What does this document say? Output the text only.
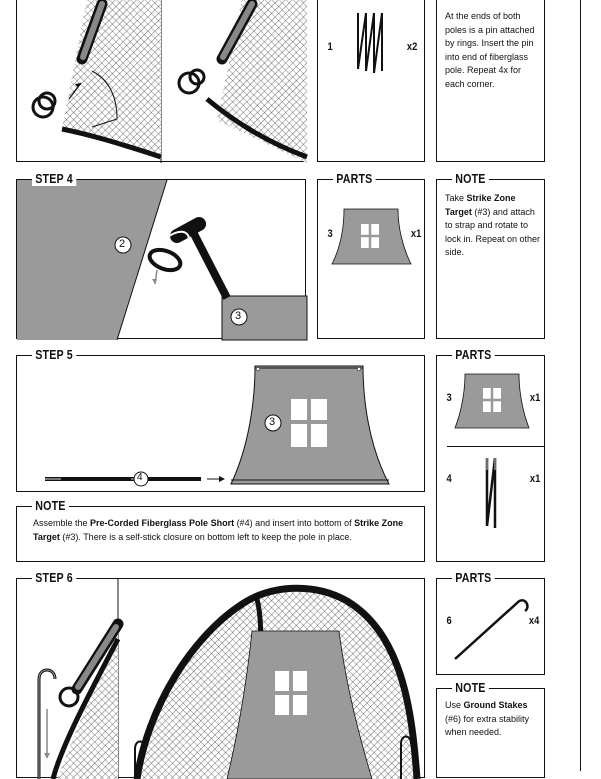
1	x2
At the ends of both poles is a pin attached by rings. Insert the pin into end of fiberglass pole. Repeat 4x for each corner.
2
3
STEP 4
3	x1
PARTS
Take Strike Zone Target (#3) and attach to strap and rotate to lock in. Repeat on other side.
NOTE
3
4
STEP 5
3	x1
4	x1
PARTS
Assemble the Pre-Corded Fiberglass Pole Short (#4) and insert into bottom of Strike Zone Target (#3). There is a self-stick closure on bottom left to keep the pole in place.
NOTE
STEP 6
6	x4
PARTS
Use Ground Stakes (#6) for extra stability when needed.
NOTE
